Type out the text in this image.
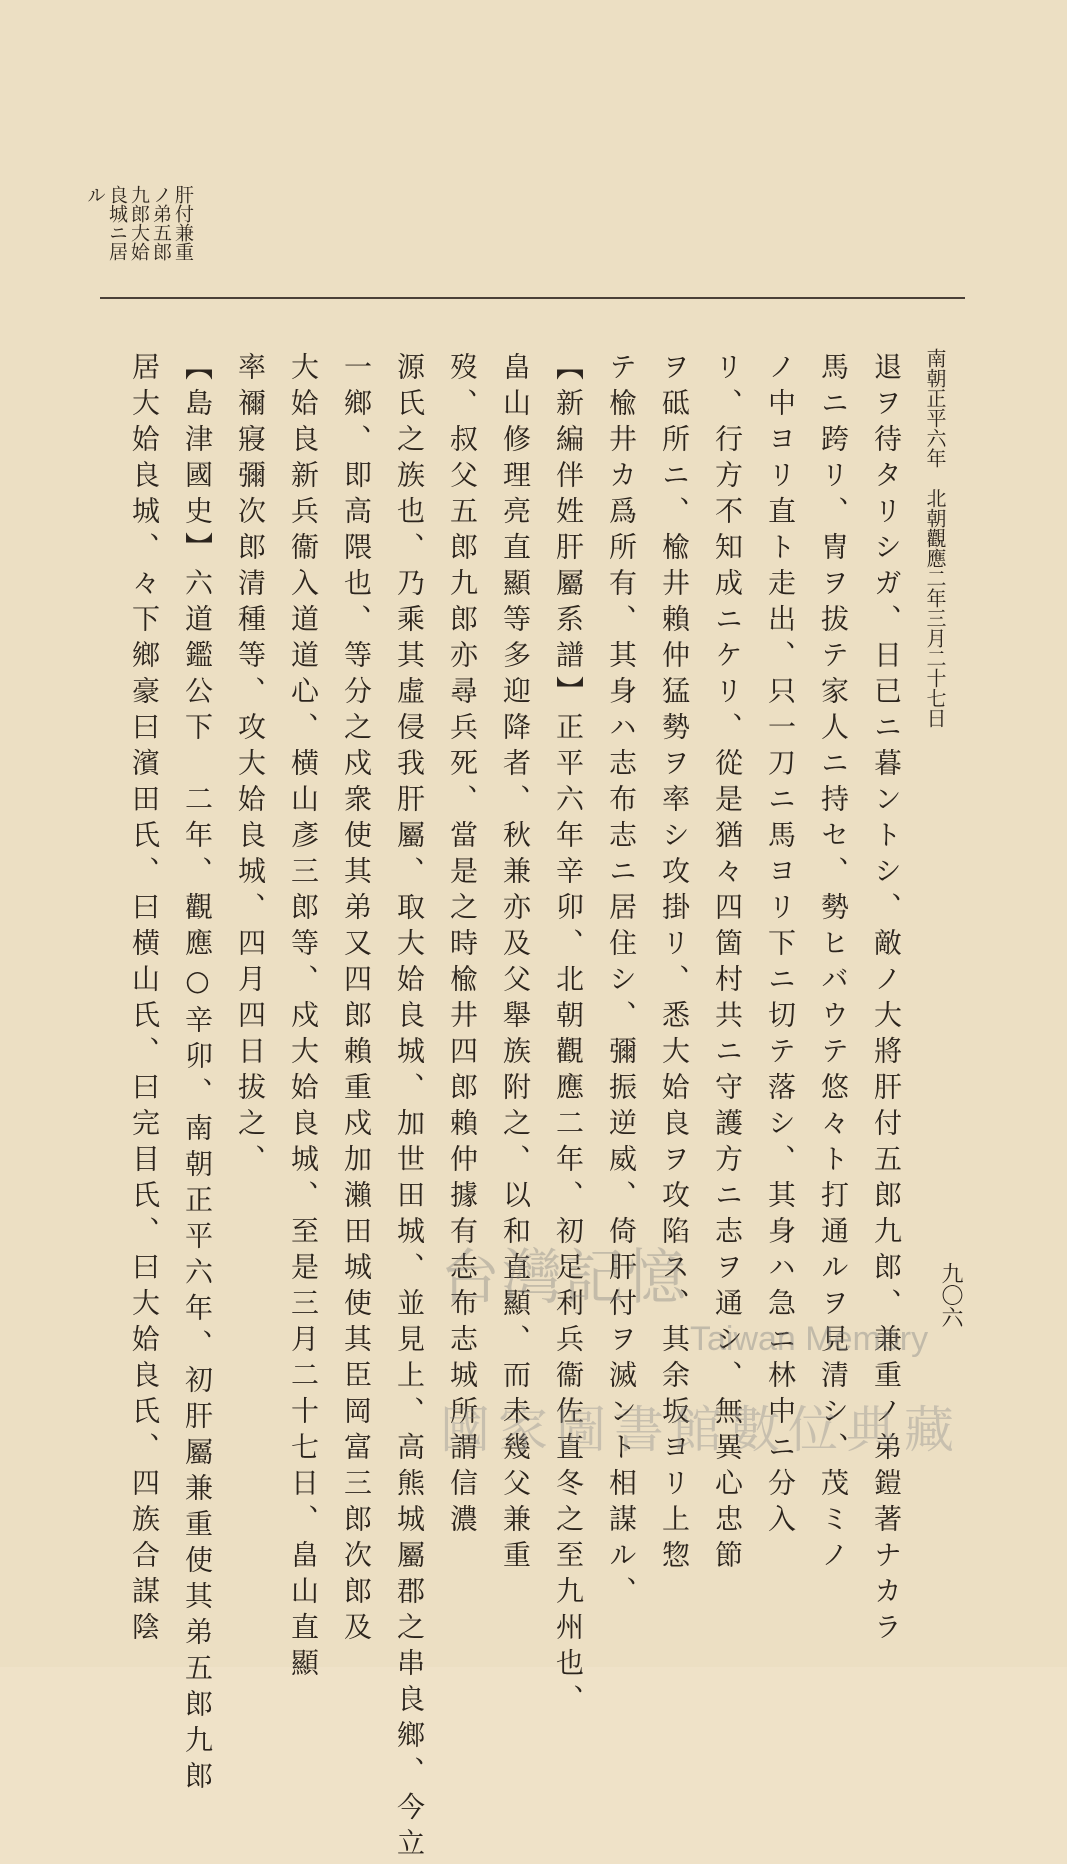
九〇六
南朝正平六年　北朝觀應二年三月二十七日
肝付兼重
ノ弟五郎
九郎大姶
良城ニ居
ル
退ヲ待タリシガ、日已ニ暮ントシ、敵ノ大將肝付五郎九郎、兼重ノ弟鎧著ナカラ
馬ニ跨リ、冑ヲ拔テ家人ニ持セ、勢ヒバウテ悠々ト打通ルヲ見清シ、茂ミノ
ノ中ヨリ直ト走出、只一刀ニ馬ヨリ下ニ切テ落シ、其身ハ急ニ林中ニ分入
リ、行方不知成ニケリ、從是猶々四箇村共ニ守護方ニ志ヲ通シ、無異心忠節
ヲ砥所ニ、楡井賴仲猛勢ヲ率シ攻掛リ、悉大姶良ヲ攻陷ス、其余坂ヨリ上惣
テ楡井カ爲所有、其身ハ志布志ニ居住シ、彌振逆威、倚肝付ヲ滅ント相謀ル、
【新編伴姓肝屬系譜】正平六年辛卯、北朝觀應二年、初足利兵衞佐直冬之至九州也、
畠山修理亮直顯等多迎降者、秋兼亦及父舉族附之、以和直顯、而未幾父兼重
歿、叔父五郎九郎亦尋兵死、當是之時楡井四郎賴仲據有志布志城所謂信濃
源氏之族也、乃乘其虛侵我肝屬、取大姶良城、加世田城、並見上、高熊城屬郡之串良鄉、今立
一鄉、即高隈也、等分之戍衆使其弟又四郎賴重戍加瀨田城使其臣岡富三郎次郎及
大姶良新兵衞入道道心、横山彥三郎等、戍大姶良城、至是三月二十七日、畠山直顯
率禰寢彌次郎清種等、攻大姶良城、四月四日拔之、
【島津國史】六道鑑公下　二年、觀應○辛卯、南朝正平六年、初肝屬兼重使其弟五郎九郎
居大姶良城、々下鄉豪曰濱田氏、曰横山氏、曰完目氏、曰大姶良氏、四族合謀陰	台灣記憶
Taiwan Memory
國家圖書館數位典藏
